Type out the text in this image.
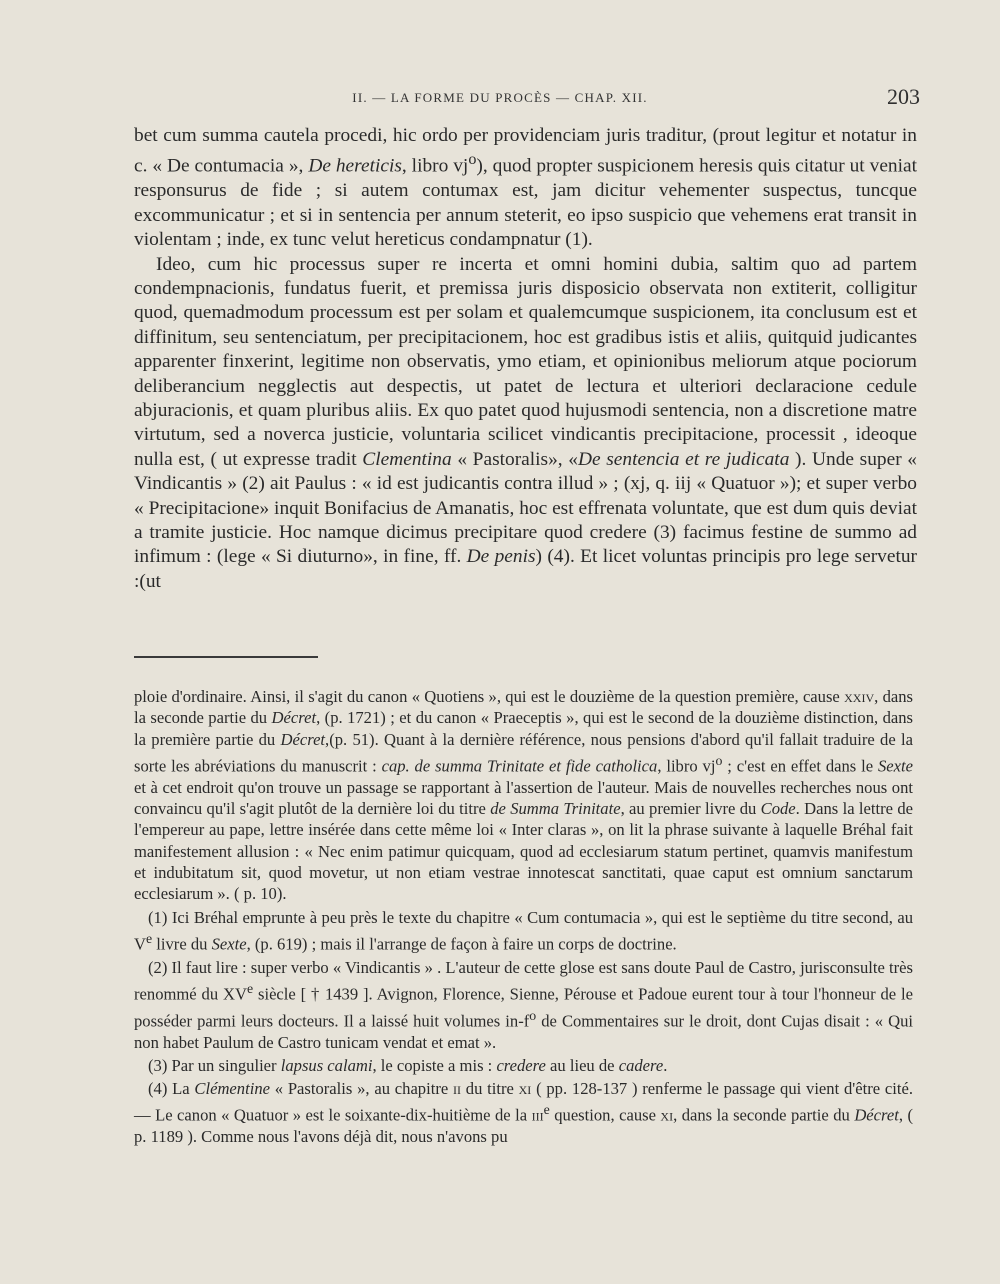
II. — LA FORME DU PROCÈS — CHAP. XII.	203

bet cum summa cautela procedi, hic ordo per providenciam juris traditur, (prout legitur et notatur in c. « De contumacia », De hereticis, libro $vj^o$), quod propter suspicionem heresis quis citatur ut veniat responsurus de fide ; si autem contumax est, jam dicitur vehementer suspectus, tuncque excommunicatur ; et si in sentencia per annum steterit, eo ipso suspicio que vehemens erat transit in violentam ; inde, ex tunc velut hereticus condampnatur (1).

Ideo, cum hic processus super re incerta et omni homini dubia, saltim quo ad partem condempnacionis, fundatus fuerit, et premissa juris disposicio observata non extiterit, colligitur quod, quemadmodum processum est per solam et qualemcumque suspicionem, ita conclusum est et diffinitum, seu sentenciatum, per precipitacionem, hoc est gradibus istis et aliis, quitquid judicantes apparenter finxerint, legitime non observatis, ymo etiam, et opinionibus meliorum atque pociorum deliberancium negglectis aut despectis, ut patet de lectura et ulteriori declaracione cedule abjuracionis, et quam pluribus aliis. Ex quo patet quod hujusmodi sentencia, non a discretione matre virtutum, sed a noverca justicie, voluntaria scilicet vindicantis precipitacione, processit , ideoque nulla est, ( ut expresse tradit Clementina « Pastoralis», «De sentencia et re judicata ). Unde super « Vindicantis » (2) ait Paulus : « id est judicantis contra illud » ; (xj, q. iij « Quatuor »); et super verbo « Precipitacione» inquit Bonifacius de Amanatis, hoc est effrenata voluntate, que est dum quis deviat a tramite justicie. Hoc namque dicimus precipitare quod credere (3) facimus festine de summo ad infimum : (lege « Si diuturno», in fine, ff. De penis) (4). Et licet voluntas principis pro lege servetur :(ut

ploie d'ordinaire. Ainsi, il s'agit du canon « Quotiens », qui est le douzième de la question première, cause xxiv, dans la seconde partie du Décret, (p. 1721) ; et du canon « Praeceptis », qui est le second de la douzième distinction, dans la première partie du Décret,(p. 51). Quant à la dernière référence, nous pensions d'abord qu'il fallait traduire de la sorte les abréviations du manuscrit : cap. de summa Trinitate et fide catholica, libro $vj^o$ ; c'est en effet dans le Sexte et à cet endroit qu'on trouve un passage se rapportant à l'assertion de l'auteur. Mais de nouvelles recherches nous ont convaincu qu'il s'agit plutôt de la dernière loi du titre de Summa Trinitate, au premier livre du Code. Dans la lettre de l'empereur au pape, lettre insérée dans cette même loi « Inter claras », on lit la phrase suivante à laquelle Bréhal fait manifestement allusion : « Nec enim patimur quicquam, quod ad ecclesiarum statum pertinet, quamvis manifestum et indubitatum sit, quod movetur, ut non etiam vestrae innotescat sanctitati, quae caput est omnium sanctarum ecclesiarum ». ( p. 10).

(1) Ici Bréhal emprunte à peu près le texte du chapitre « Cum contumacia », qui est le septième du titre second, au Ve livre du Sexte, (p. 619) ; mais il l'arrange de façon à faire un corps de doctrine.

(2) Il faut lire : super verbo « Vindicantis » . L'auteur de cette glose est sans doute Paul de Castro, jurisconsulte très renommé du XVe siècle [ † 1439 ]. Avignon, Florence, Sienne, Pérouse et Padoue eurent tour à tour l'honneur de le posséder parmi leurs docteurs. Il a laissé huit volumes $in-f^o$ de Commentaires sur le droit, dont Cujas disait : « Qui non habet Paulum de Castro tunicam vendat et emat ».

(3) Par un singulier lapsus calami, le copiste a mis : credere au lieu de cadere.

(4) La Clémentine « Pastoralis », au chapitre ii du titre xi ( pp. 128-137 ) renferme le passage qui vient d'être cité. — Le canon « Quatuor » est le soixante-dix-huitième de la iii$^e$ question, cause xi, dans la seconde partie du Décret, ( p. 1189 ). Comme nous l'avons déjà dit, nous n'avons pu
